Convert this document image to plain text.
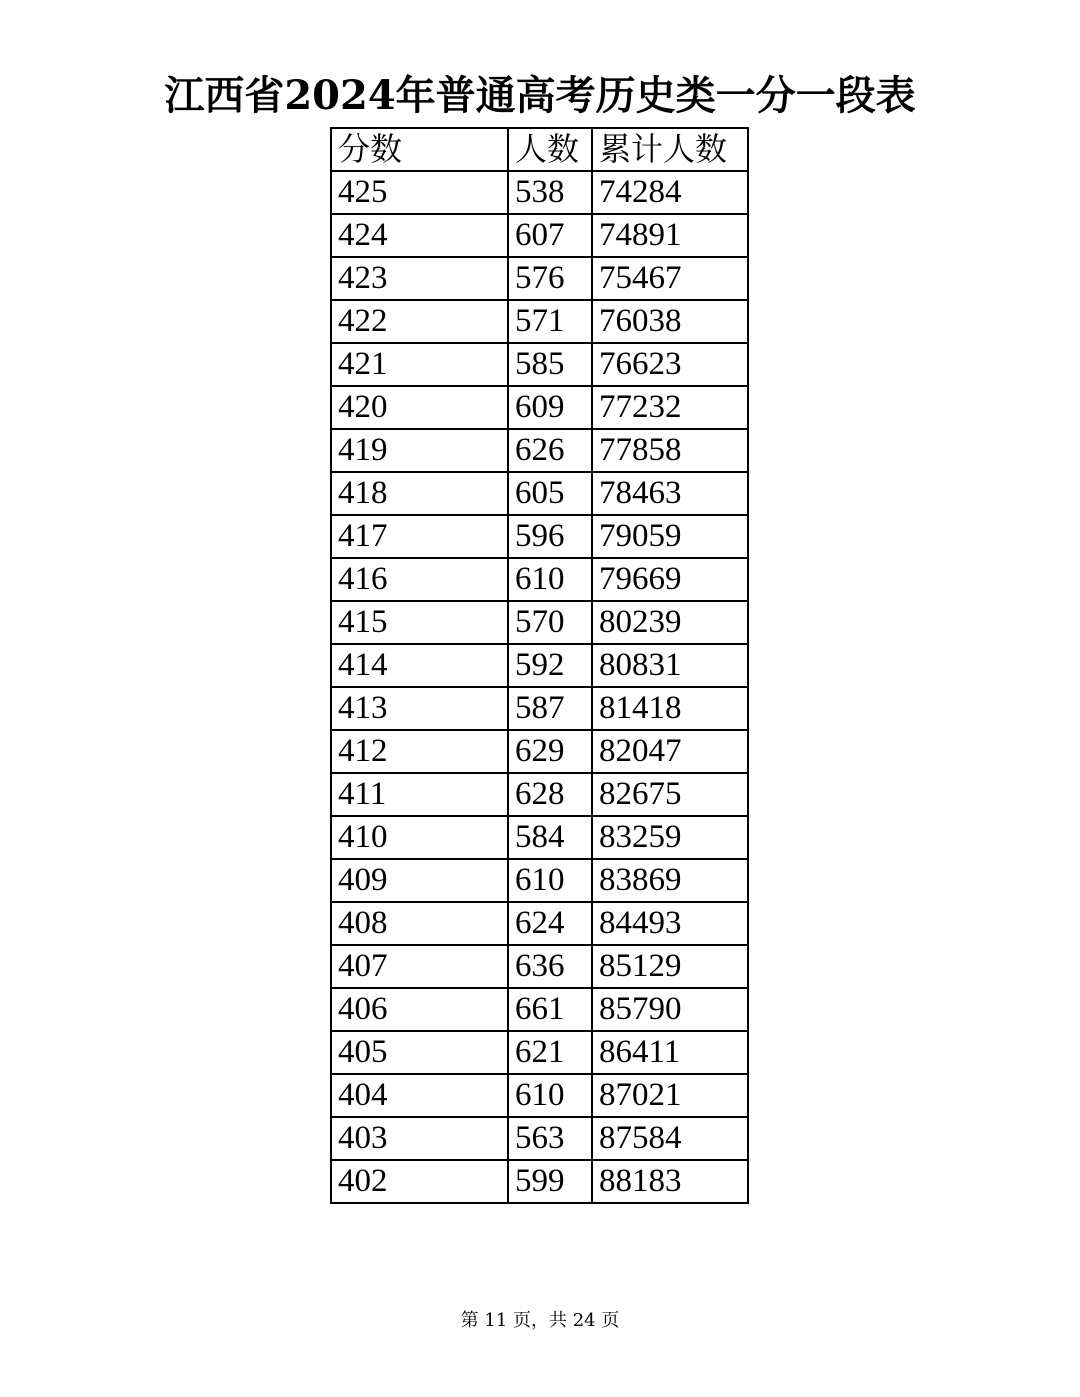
江西省2024年普通高考历史类一分一段表
分数	人数	累计人数
425	538	74284
424	607	74891
423	576	75467
422	571	76038
421	585	76623
420	609	77232
419	626	77858
418	605	78463
417	596	79059
416	610	79669
415	570	80239
414	592	80831
413	587	81418
412	629	82047
411	628	82675
410	584	83259
409	610	83869
408	624	84493
407	636	85129
406	661	85790
405	621	86411
404	610	87021
403	563	87584
402	599	88183
第 11 页，共 24 页
